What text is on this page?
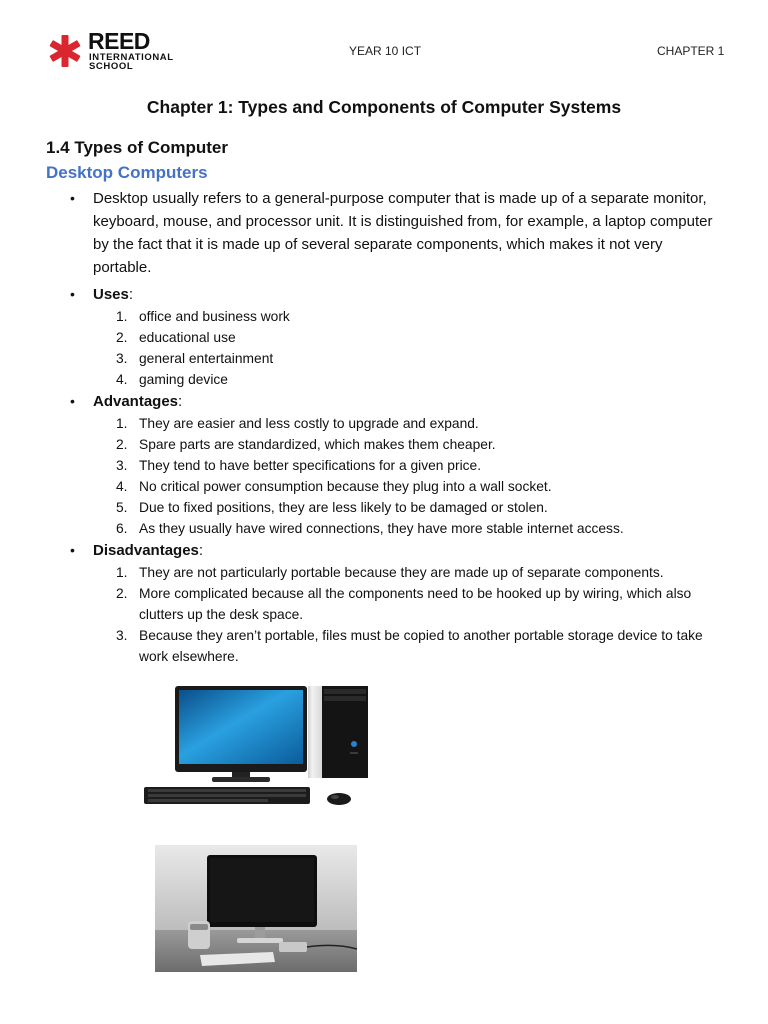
REED
INTERNATIONAL
SCHOOL
YEAR 10 ICT	CHAPTER 1
Chapter 1: Types and Components of Computer Systems
1.4 Types of Computer
Desktop Computers
• Desktop usually refers to a general-purpose computer that is made up of a separate monitor, keyboard, mouse, and processor unit. It is distinguished from, for example, a laptop computer by the fact that it is made up of several separate components, which makes it not very portable.
• Uses:
1. office and business work
2. educational use
3. general entertainment
4. gaming device
• Advantages:
1. They are easier and less costly to upgrade and expand.
2. Spare parts are standardized, which makes them cheaper.
3. They tend to have better specifications for a given price.
4. No critical power consumption because they plug into a wall socket.
5. Due to fixed positions, they are less likely to be damaged or stolen.
6. As they usually have wired connections, they have more stable internet access.
• Disadvantages:
1. They are not particularly portable because they are made up of separate components.
2. More complicated because all the components need to be hooked up by wiring, which also clutters up the desk space.
3. Because they aren’t portable, files must be copied to another portable storage device to take work elsewhere.
